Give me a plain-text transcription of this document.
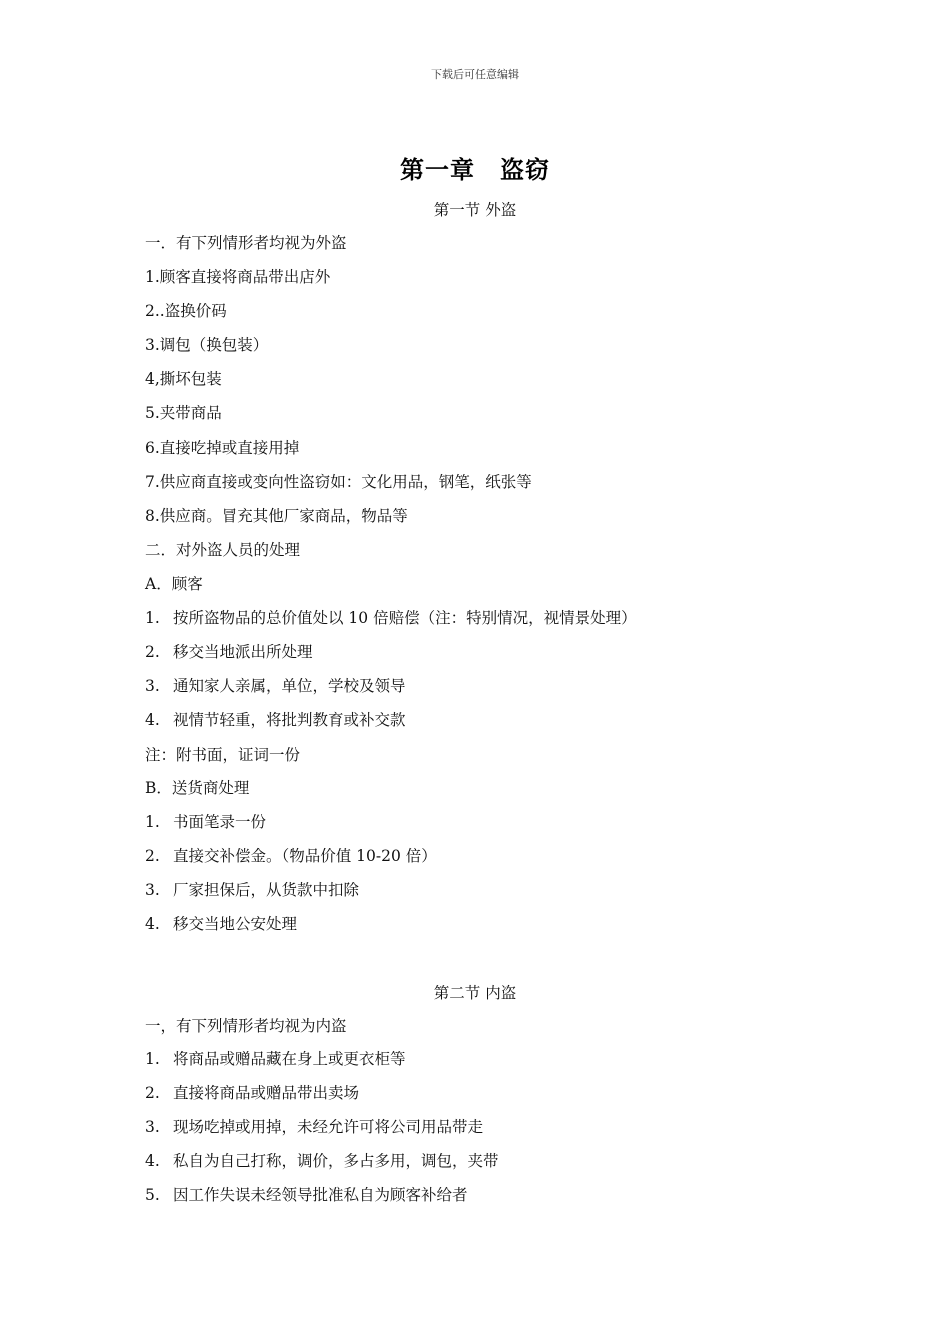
下载后可任意编辑
第一章　盗窃
第一节 外盗
一．有下列情形者均视为外盗
1.顾客直接将商品带出店外
2..盗换价码
3.调包（换包装）
4,撕坏包装
5.夹带商品
6.直接吃掉或直接用掉
7.供应商直接或变向性盗窃如：文化用品，钢笔，纸张等
8.供应商。冒充其他厂家商品，物品等
二．对外盗人员的处理
A．顾客
1. 按所盗物品的总价值处以 10 倍赔偿（注：特别情况，视情景处理）
2. 移交当地派出所处理
3. 通知家人亲属，单位，学校及领导
4. 视情节轻重，将批判教育或补交款
注：附书面，证词一份
B．送货商处理
1. 书面笔录一份
2. 直接交补偿金。（物品价值 10-20 倍）
3. 厂家担保后，从货款中扣除
4. 移交当地公安处理
第二节 内盗
一，有下列情形者均视为内盗
1. 将商品或赠品藏在身上或更衣柜等
2. 直接将商品或赠品带出卖场
3. 现场吃掉或用掉，未经允许可将公司用品带走
4. 私自为自己打称，调价，多占多用，调包，夹带
5. 因工作失误未经领导批准私自为顾客补给者
